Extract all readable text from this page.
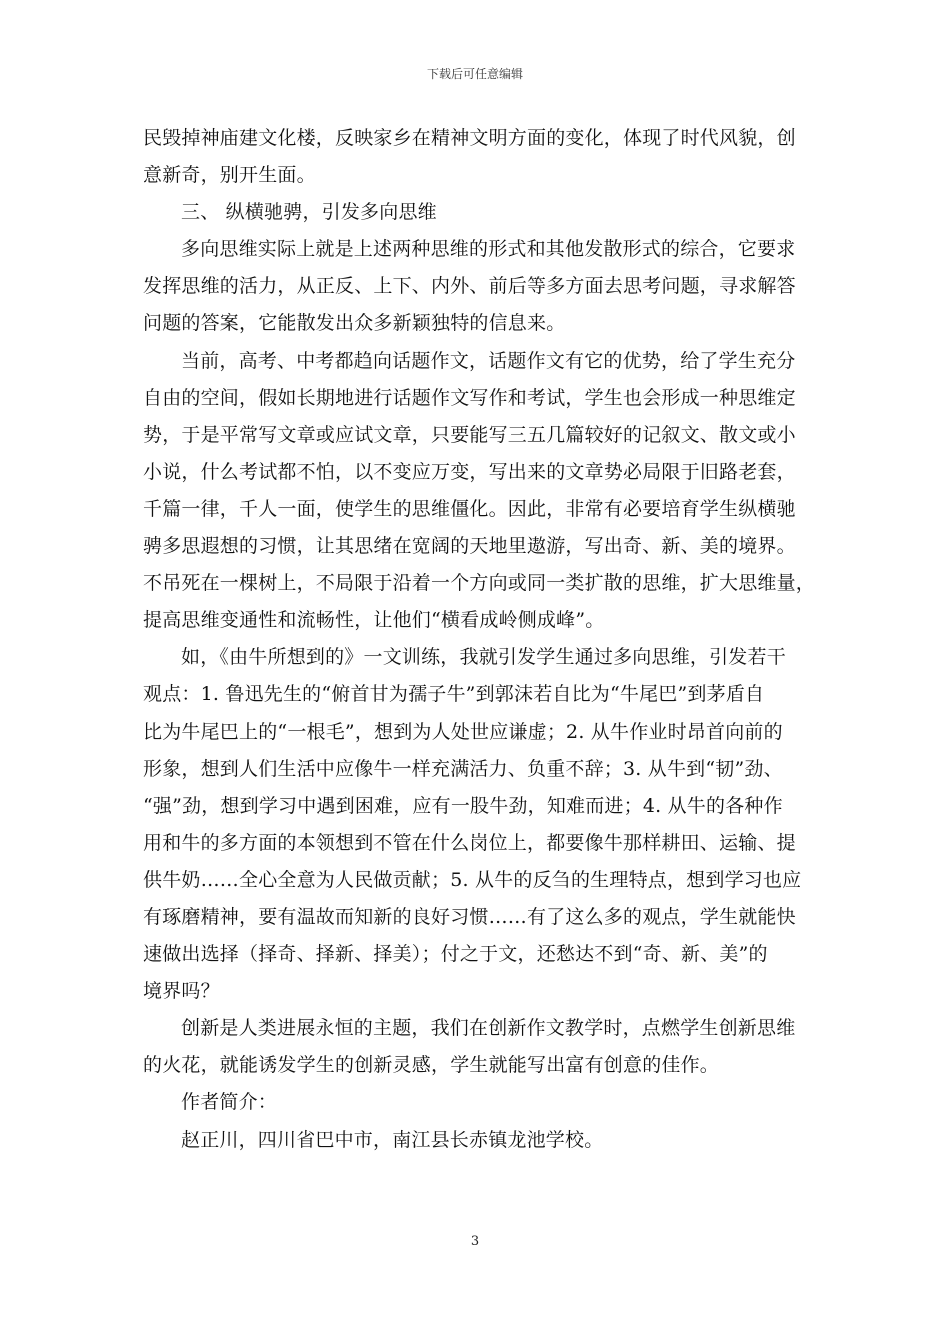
下载后可任意编辑
民毁掉神庙建文化楼，反映家乡在精神文明方面的变化，体现了时代风貌，创
意新奇，别开生面。
三、 纵横驰骋，引发多向思维
多向思维实际上就是上述两种思维的形式和其他发散形式的综合，它要求
发挥思维的活力，从正反、上下、内外、前后等多方面去思考问题，寻求解答
问题的答案，它能散发出众多新颖独特的信息来。
当前，高考、中考都趋向话题作文，话题作文有它的优势，给了学生充分
自由的空间，假如长期地进行话题作文写作和考试，学生也会形成一种思维定
势，于是平常写文章或应试文章，只要能写三五几篇较好的记叙文、散文或小
小说，什么考试都不怕，以不变应万变，写出来的文章势必局限于旧路老套，
千篇一律，千人一面，使学生的思维僵化。因此，非常有必要培育学生纵横驰
骋多思遐想的习惯，让其思绪在宽阔的天地里遨游，写出奇、新、美的境界。
不吊死在一棵树上，不局限于沿着一个方向或同一类扩散的思维，扩大思维量，
提高思维变通性和流畅性，让他们“横看成岭侧成峰”。
如，《由牛所想到的》一文训练，我就引发学生通过多向思维，引发若干
观点：1. 鲁迅先生的“俯首甘为孺子牛”到郭沫若自比为“牛尾巴”到茅盾自
比为牛尾巴上的“一根毛”，想到为人处世应谦虚；2. 从牛作业时昂首向前的
形象，想到人们生活中应像牛一样充满活力、负重不辞；3. 从牛到“韧”劲、
“强”劲，想到学习中遇到困难，应有一股牛劲，知难而进；4. 从牛的各种作
用和牛的多方面的本领想到不管在什么岗位上，都要像牛那样耕田、运输、提
供牛奶……全心全意为人民做贡献；5. 从牛的反刍的生理特点，想到学习也应
有琢磨精神，要有温故而知新的良好习惯……有了这么多的观点，学生就能快
速做出选择（择奇、择新、择美）；付之于文，还愁达不到“奇、新、美”的
境界吗？
创新是人类进展永恒的主题，我们在创新作文教学时，点燃学生创新思维
的火花，就能诱发学生的创新灵感，学生就能写出富有创意的佳作。
作者简介：
赵正川，四川省巴中市，南江县长赤镇龙池学校。
3
